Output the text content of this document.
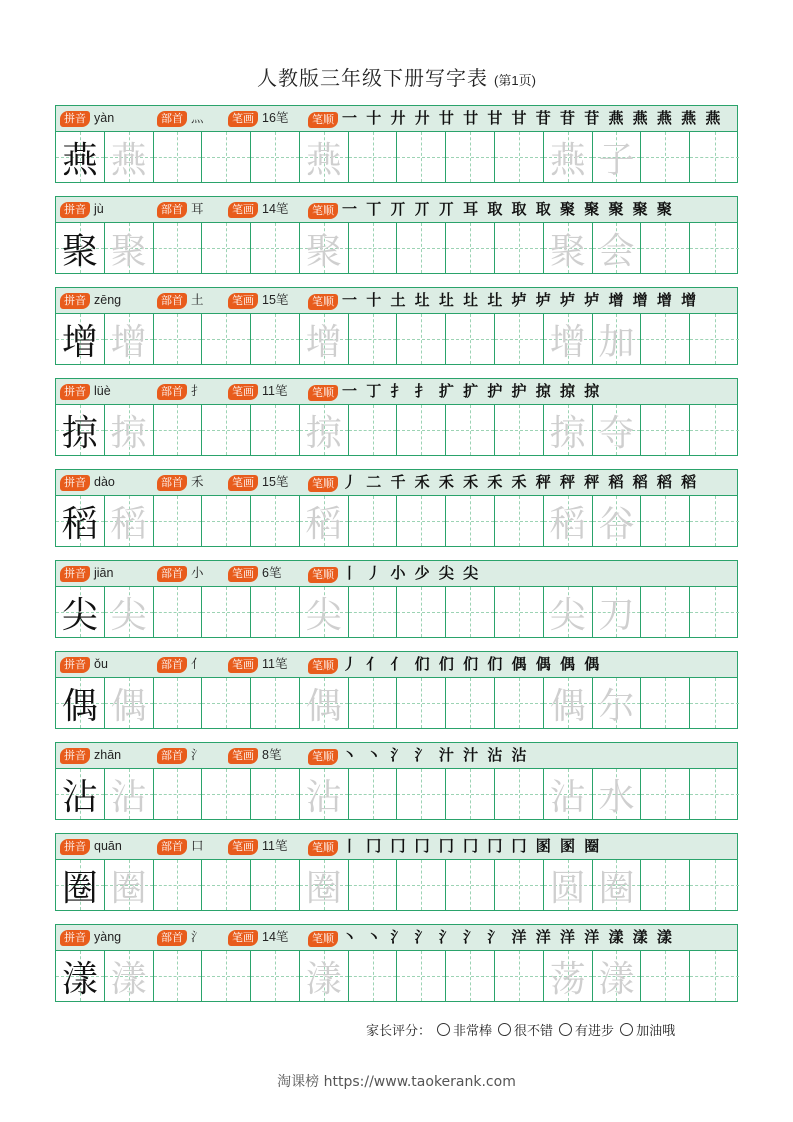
人教版三年级下册写字表 (第1页)
拼音 yàn	部首 灬	笔画 16笔	笔顺 一 十 廾 廾 廿 廿 甘 甘 苷 苷 苷 燕 燕 燕 燕 燕
燕 燕	燕	燕 子
拼音 jù	部首 耳	笔画 14笔	笔顺 一 丅 丌 丌 丌 耳 取 取 取 聚 聚 聚 聚 聚
聚 聚	聚	聚 会
拼音 zēng	部首 土	笔画 15笔	笔顺 一 十 土 圵 圵 圵 圵 垆 垆 垆 垆 增 增 增 增
增 增	增	增 加
拼音 lüè	部首 扌	笔画 11笔	笔顺 一 丁 扌 扌 扩 扩 护 护 掠 掠 掠
掠 掠	掠	掠 夺
拼音 dào	部首 禾	笔画 15笔	笔顺 丿 二 千 禾 禾 禾 禾 禾 秤 秤 秤 稻 稻 稻 稻
稻 稻	稻	稻 谷
拼音 jiān	部首 小	笔画 6笔	笔顺 丨 丿 小 少 尖 尖
尖 尖	尖	尖 刀
拼音 ǒu	部首 亻	笔画 11笔	笔顺 丿 亻 亻 们 们 们 们 偶 偶 偶 偶
偶 偶	偶	偶 尔
拼音 zhān	部首 氵	笔画 8笔	笔顺 丶 丶 氵 氵 汁 汁 沾 沾
沾 沾	沾	沾 水
拼音 quān	部首 口	笔画 11笔	笔顺 丨 冂 冂 冂 冂 冂 冂 冂 圂 圂 圈
圈 圈	圈	圆 圈
拼音 yàng	部首 氵	笔画 14笔	笔顺 丶 丶 氵 氵 氵 氵 氵 洋 洋 洋 洋 漾 漾 漾
漾 漾	漾	荡 漾
家长评分： 非常棒 很不错 有进步 加油哦
淘课榜 https://www.taokerank.com
